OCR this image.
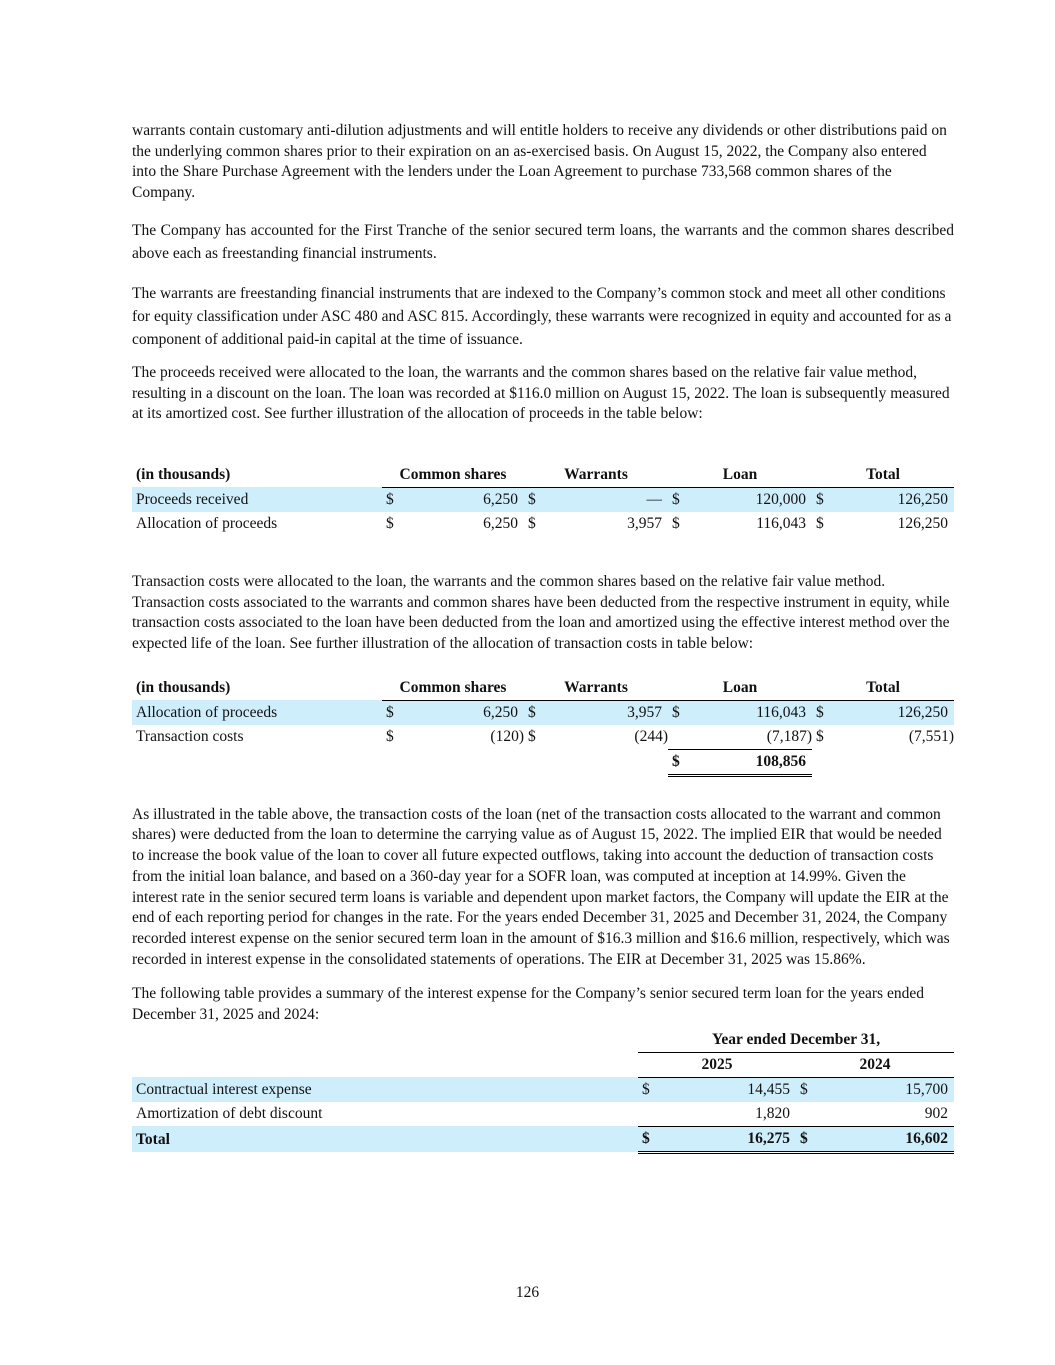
warrants contain customary anti-dilution adjustments and will entitle holders to receive any dividends or other distributions paid on the underlying common shares prior to their expiration on an as-exercised basis. On August 15, 2022, the Company also entered into the Share Purchase Agreement with the lenders under the Loan Agreement to purchase 733,568 common shares of the Company.

The Company has accounted for the First Tranche of the senior secured term loans, the warrants and the common shares described above each as freestanding financial instruments.

The warrants are freestanding financial instruments that are indexed to the Company’s common stock and meet all other conditions for equity classification under ASC 480 and ASC 815. Accordingly, these warrants were recognized in equity and accounted for as a component of additional paid-in capital at the time of issuance.

The proceeds received were allocated to the loan, the warrants and the common shares based on the relative fair value method, resulting in a discount on the loan. The loan was recorded at $116.0 million on August 15, 2022. The loan is subsequently measured at its amortized cost. See further illustration of the allocation of proceeds in the table below:

(in thousands)	Common shares		Warrants		Loan		Total	
Proceeds received	$	6,250	$	—	$	120,000	$	126,250
Allocation of proceeds	$	6,250	$	3,957	$	116,043	$	126,250

Transaction costs were allocated to the loan, the warrants and the common shares based on the relative fair value method. Transaction costs associated to the warrants and common shares have been deducted from the respective instrument in equity, while transaction costs associated to the loan have been deducted from the loan and amortized using the effective interest method over the expected life of the loan. See further illustration of the allocation of transaction costs in table below:

(in thousands)	Common shares		Warrants		Loan		Total	
Allocation of proceeds	$	6,250	$	3,957	$	116,043	$	126,250
Transaction costs	$	(120)	$	(244)		(7,187)	$	(7,551)
					$	108,856		

As illustrated in the table above, the transaction costs of the loan (net of the transaction costs allocated to the warrant and common shares) were deducted from the loan to determine the carrying value as of August 15, 2022. The implied EIR that would be needed to increase the book value of the loan to cover all future expected outflows, taking into account the deduction of transaction costs from the initial loan balance, and based on a 360-day year for a SOFR loan, was computed at inception at 14.99%. Given the interest rate in the senior secured term loans is variable and dependent upon market factors, the Company will update the EIR at the end of each reporting period for changes in the rate. For the years ended December 31, 2025 and December 31, 2024, the Company recorded interest expense on the senior secured term loan in the amount of $16.3 million and $16.6 million, respectively, which was recorded in interest expense in the consolidated statements of operations. The EIR at December 31, 2025 was 15.86%.

The following table provides a summary of the interest expense for the Company’s senior secured term loan for the years ended December 31, 2025 and 2024:

	Year ended December 31,			
	2025		2024	
Contractual interest expense	$	14,455	$	15,700
Amortization of debt discount		1,820		902
Total	$	16,275	$	16,602
126
